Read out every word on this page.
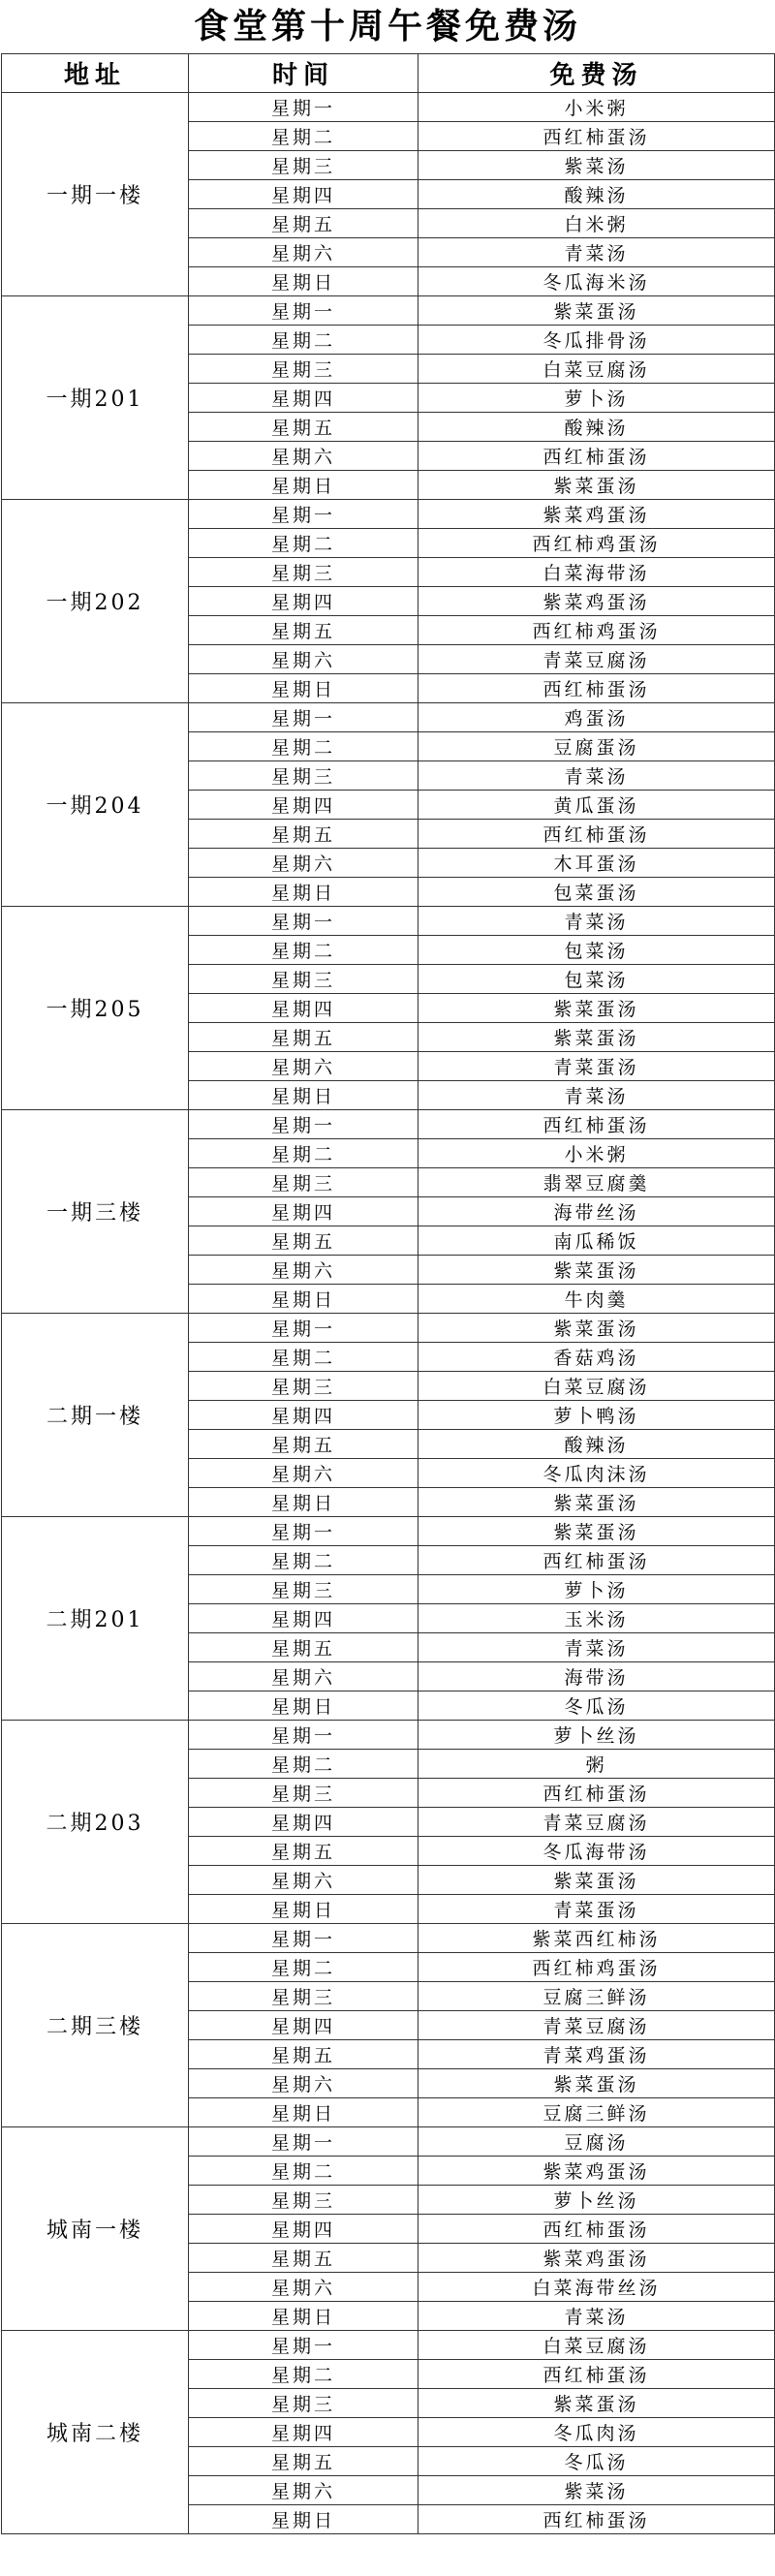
食堂第十周午餐免费汤
地址	时间	免费汤
一期一楼	星期一	小米粥
	星期二	西红柿蛋汤
	星期三	紫菜汤
	星期四	酸辣汤
	星期五	白米粥
	星期六	青菜汤
	星期日	冬瓜海米汤
一期201	星期一	紫菜蛋汤
	星期二	冬瓜排骨汤
	星期三	白菜豆腐汤
	星期四	萝卜汤
	星期五	酸辣汤
	星期六	西红柿蛋汤
	星期日	紫菜蛋汤
一期202	星期一	紫菜鸡蛋汤
	星期二	西红柿鸡蛋汤
	星期三	白菜海带汤
	星期四	紫菜鸡蛋汤
	星期五	西红柿鸡蛋汤
	星期六	青菜豆腐汤
	星期日	西红柿蛋汤
一期204	星期一	鸡蛋汤
	星期二	豆腐蛋汤
	星期三	青菜汤
	星期四	黄瓜蛋汤
	星期五	西红柿蛋汤
	星期六	木耳蛋汤
	星期日	包菜蛋汤
一期205	星期一	青菜汤
	星期二	包菜汤
	星期三	包菜汤
	星期四	紫菜蛋汤
	星期五	紫菜蛋汤
	星期六	青菜蛋汤
	星期日	青菜汤
一期三楼	星期一	西红柿蛋汤
	星期二	小米粥
	星期三	翡翠豆腐羹
	星期四	海带丝汤
	星期五	南瓜稀饭
	星期六	紫菜蛋汤
	星期日	牛肉羹
二期一楼	星期一	紫菜蛋汤
	星期二	香菇鸡汤
	星期三	白菜豆腐汤
	星期四	萝卜鸭汤
	星期五	酸辣汤
	星期六	冬瓜肉沫汤
	星期日	紫菜蛋汤
二期201	星期一	紫菜蛋汤
	星期二	西红柿蛋汤
	星期三	萝卜汤
	星期四	玉米汤
	星期五	青菜汤
	星期六	海带汤
	星期日	冬瓜汤
二期203	星期一	萝卜丝汤
	星期二	粥
	星期三	西红柿蛋汤
	星期四	青菜豆腐汤
	星期五	冬瓜海带汤
	星期六	紫菜蛋汤
	星期日	青菜蛋汤
二期三楼	星期一	紫菜西红柿汤
	星期二	西红柿鸡蛋汤
	星期三	豆腐三鲜汤
	星期四	青菜豆腐汤
	星期五	青菜鸡蛋汤
	星期六	紫菜蛋汤
	星期日	豆腐三鲜汤
城南一楼	星期一	豆腐汤
	星期二	紫菜鸡蛋汤
	星期三	萝卜丝汤
	星期四	西红柿蛋汤
	星期五	紫菜鸡蛋汤
	星期六	白菜海带丝汤
	星期日	青菜汤
城南二楼	星期一	白菜豆腐汤
	星期二	西红柿蛋汤
	星期三	紫菜蛋汤
	星期四	冬瓜肉汤
	星期五	冬瓜汤
	星期六	紫菜汤
	星期日	西红柿蛋汤
